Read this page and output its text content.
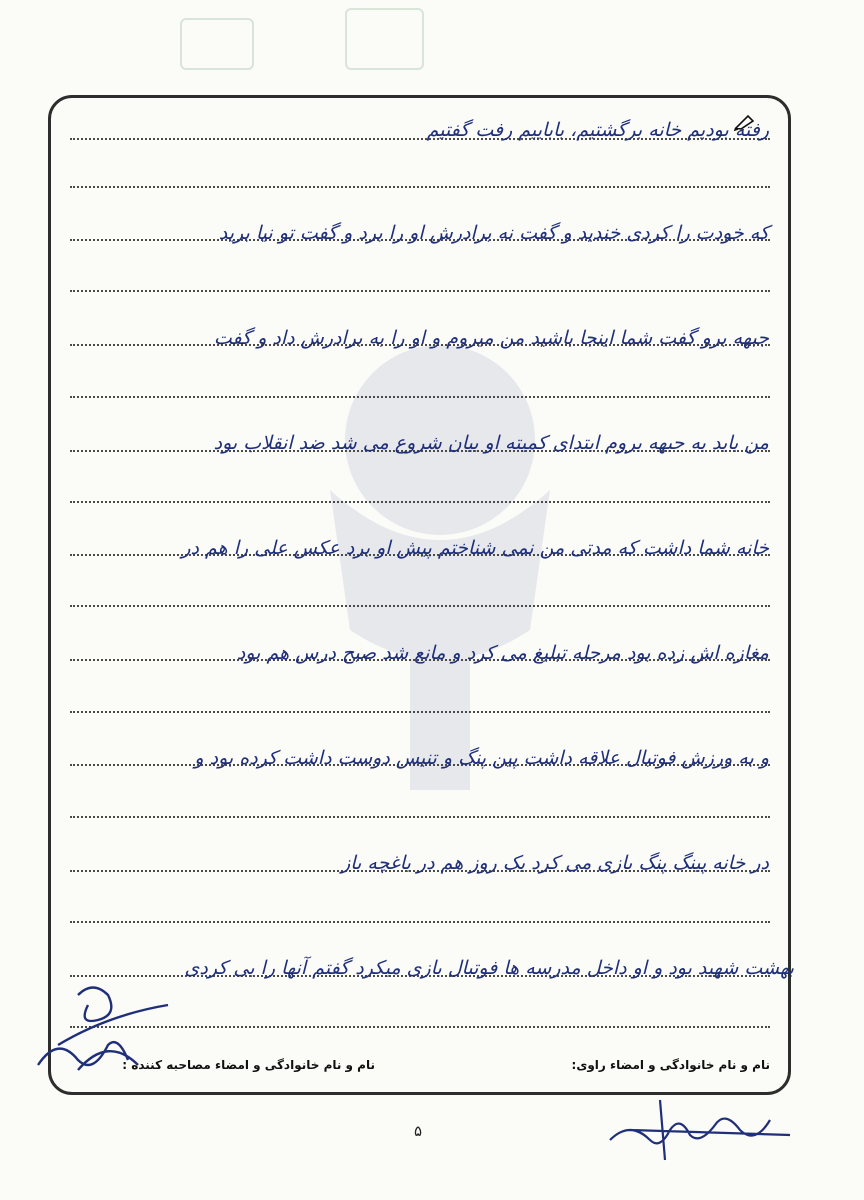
رفته بودیم خانه برگشتیم، باباییم رفت گفتیم
که خودت را کردی خندید و گفت نه برادرش او را برد و گفت تو نیا برید
جبهه برو گفت شما اینجا باشید من میروم و او را به برادرش داد و گفت
من باید به جبهه بروم ابتدای کمیته او بیان شروع می شد ضد انقلاب بود
خانه شما داشت که مدتی من نمی شناختم پیش او برد عکس علی را هم در
مغازه اش زده بود مرحله تبلیغ می کرد و مانع شد صبح درس هم بود
و به ورزش فوتبال علاقه داشت پین پنگ و تنیس دوست داشت کرده بود و
در خانه پینگ پنگ بازی می کرد یک روز هم در باغچه باز
بهشت شهید بود و او داخل مدرسه ها فوتبال بازی میکرد گفتم آنها را بی کردی
نام و نام خانوادگی و امضاء راوی:
نام و نام خانوادگی و امضاء مصاحبه کننده :
۵
